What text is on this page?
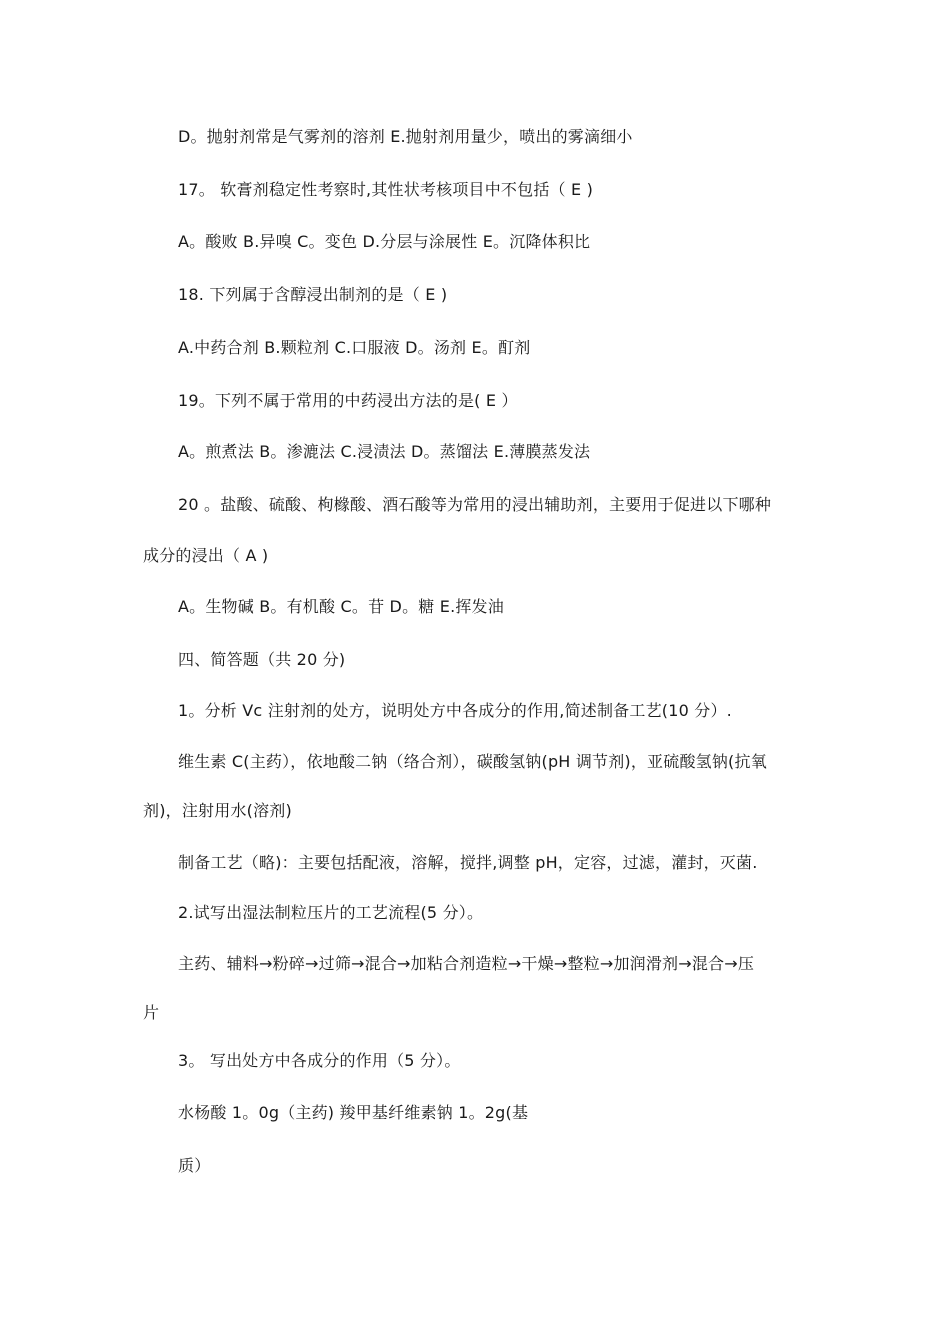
D。抛射剂常是气雾剂的溶剂 E.抛射剂用量少，喷出的雾滴细小
17。 软膏剂稳定性考察时,其性状考核项目中不包括（ E )
A。酸败 B.异嗅 C。变色 D.分层与涂展性 E。沉降体积比
18. 下列属于含醇浸出制剂的是（ E )
A.中药合剂 B.颗粒剂 C.口服液 D。汤剂 E。酊剂
19。下列不属于常用的中药浸出方法的是( E ）
A。煎煮法 B。渗漉法 C.浸渍法 D。蒸馏法 E.薄膜蒸发法
20 。盐酸、硫酸、枸橼酸、酒石酸等为常用的浸出辅助剂，主要用于促进以下哪种
成分的浸出（ A )
A。生物碱 B。有机酸 C。苷 D。糖 E.挥发油
四、简答题（共 20 分)
1。分析 Vc 注射剂的处方，说明处方中各成分的作用,简述制备工艺(10 分）.
维生素 C(主药），依地酸二钠（络合剂），碳酸氢钠(pH 调节剂)，亚硫酸氢钠(抗氧
剂)，注射用水(溶剂)
制备工艺（略)：主要包括配液，溶解，搅拌,调整 pH，定容，过滤，灌封，灭菌.
2.试写出湿法制粒压片的工艺流程(5 分）。
主药、辅料→粉碎→过筛→混合→加粘合剂造粒→干燥→整粒→加润滑剂→混合→压
片
3。 写出处方中各成分的作用（5 分）。
水杨酸 1。0g（主药) 羧甲基纤维素钠 1。2g(基
质）
